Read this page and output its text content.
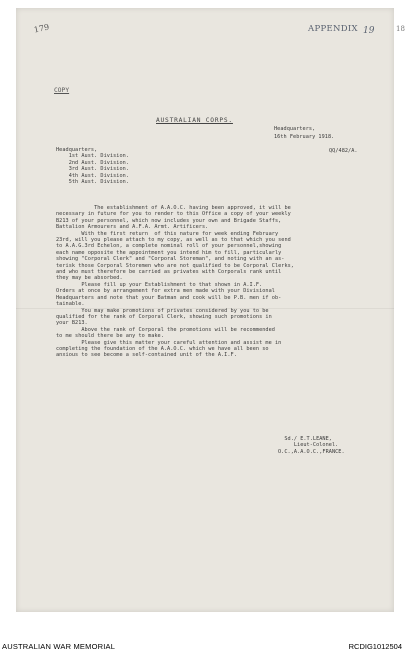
179	APPENDIX 19	18
COPY
AUSTRALIAN CORPS.
Headquarters,
16th February 1918.
QQ/482/A.
Headquarters,
1st Aust. Division.
2nd Aust. Division.
3rd Aust. Division.
4th Aust. Division.
5th Aust. Division.
The establishment of A.A.O.C. having been approved, it will be
necessary in future for you to render to this Office a copy of your weekly
B213 of your personnel, which now includes your own and Brigade Staffs,
Battalion Armourers and A.F.A. Armt. Artificers.
With the first return  of this nature for week ending February
23rd, will you please attach to my copy, as well as to that which you send
to A.A.G.3rd Echelon, a complete nominal roll of your personnel,showing
each name opposite the appointment you intend him to fill, particularly
showing "Corporal Clerk" and "Corporal Storeman", and noting with an as-
terisk those Corporal Storemen who are not qualified to be Corporal Clerks,
and who must therefore be carried as privates with Corporals rank until
they may be absorbed.
Please fill up your Establishment to that shown in A.I.F.
Orders at once by arrangement for extra men made with your Divisional
Headquarters and note that your Batman and cook will be P.B. men if ob-
tainable.
You may make promotions of privates considered by you to be
qualified for the rank of Corporal Clerk, showing such promotions in
your B213.
Above the rank of Corporal the promotions will be recommended
to me should there be any to make.
Please give this matter your careful attention and assist me in
completing the foundation of the A.A.O.C. which we have all been so
anxious to see become a self-contained unit of the A.I.F.
Sd./ E.T.LEANE,
Lieut-Colonel.
O.C.,A.A.O.C.,FRANCE.
AUSTRALIAN WAR MEMORIAL	RCDIG1012504
